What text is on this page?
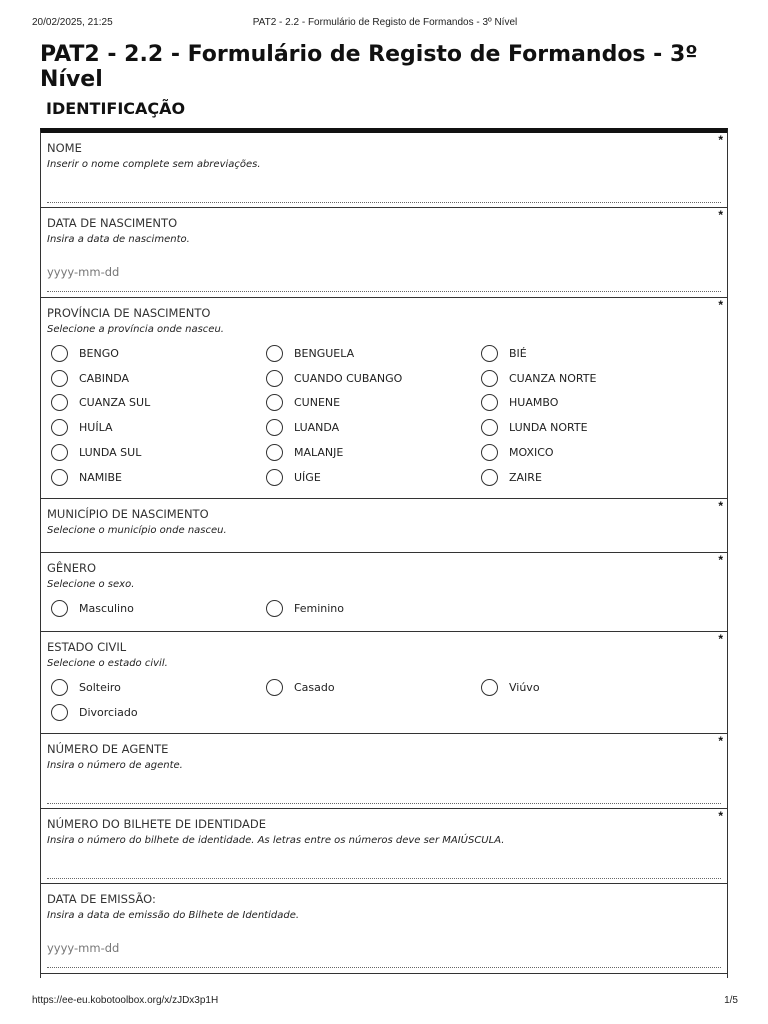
20/02/2025, 21:25	PAT2 - 2.2 - Formulário de Registo de Formandos - 3º Nível
PAT2 - 2.2 - Formulário de Registo de Formandos - 3º Nível
IDENTIFICAÇÃO
*
NOME
Inserir o nome complete sem abreviações.
*
DATA DE NASCIMENTO
Insira a data de nascimento.
yyyy-mm-dd
*
PROVÍNCIA DE NASCIMENTO
Selecione a província onde nasceu.
BENGO	BENGUELA	BIÉ
CABINDA	CUANDO CUBANGO	CUANZA NORTE
CUANZA SUL	CUNENE	HUAMBO
HUÍLA	LUANDA	LUNDA NORTE
LUNDA SUL	MALANJE	MOXICO
NAMIBE	UÍGE	ZAIRE
*
MUNICÍPIO DE NASCIMENTO
Selecione o município onde nasceu.
*
GÊNERO
Selecione o sexo.
Masculino	Feminino
*
ESTADO CIVIL
Selecione o estado civil.
Solteiro	Casado	Viúvo
Divorciado
*
NÚMERO DE AGENTE
Insira o número de agente.
*
NÚMERO DO BILHETE DE IDENTIDADE
Insira o número do bilhete de identidade. As letras entre os números deve ser MAIÚSCULA.
DATA DE EMISSÃO:
Insira a data de emissão do Bilhete de Identidade.
yyyy-mm-dd
https://ee-eu.kobotoolbox.org/x/zJDx3p1H	1/5
